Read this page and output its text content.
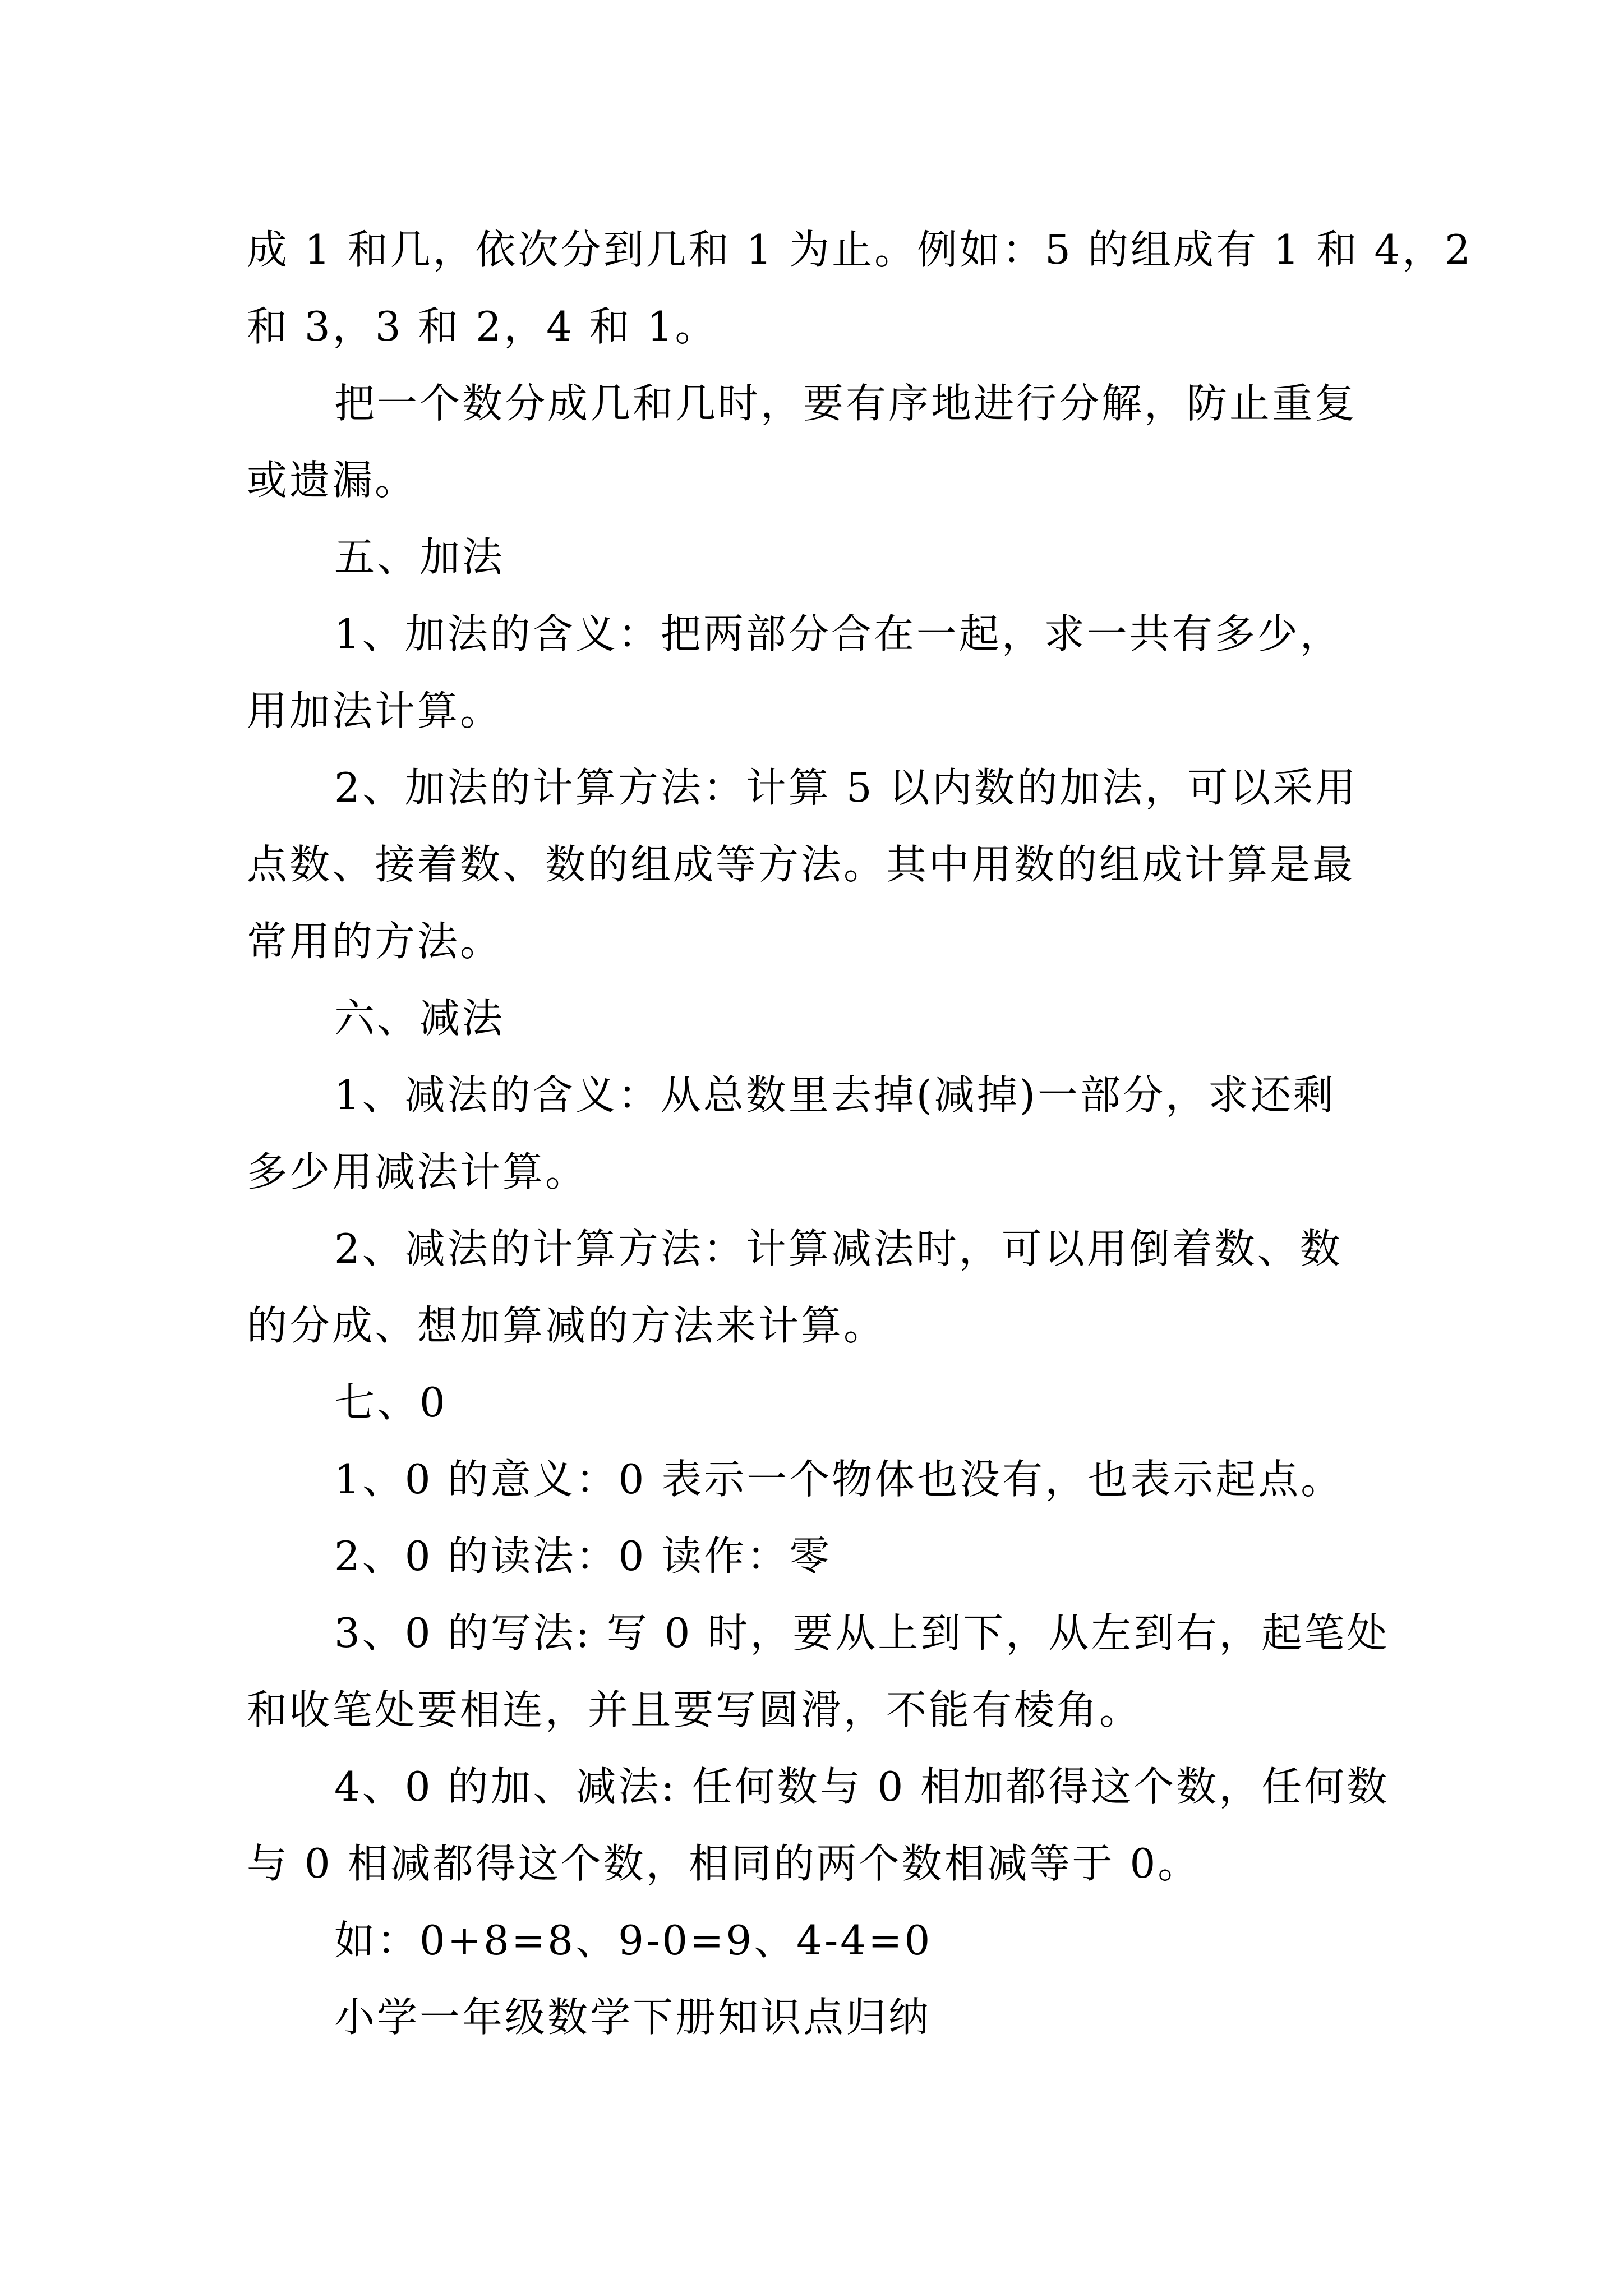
成 1 和几，依次分到几和 1 为止。例如：5 的组成有 1 和 4，2
和 3，3 和 2，4 和 1。
把一个数分成几和几时，要有序地进行分解，防止重复
或遗漏。
五、加法
1、加法的含义：把两部分合在一起，求一共有多少，
用加法计算。
2、加法的计算方法：计算 5 以内数的加法，可以采用
点数、接着数、数的组成等方法。其中用数的组成计算是最
常用的方法。
六、减法
1、减法的含义：从总数里去掉(减掉)一部分，求还剩
多少用减法计算。
2、减法的计算方法：计算减法时，可以用倒着数、数
的分成、想加算减的方法来计算。
七、0
1、0 的意义：0 表示一个物体也没有，也表示起点。
2、0 的读法：0 读作：零
3、0 的写法: 写 0 时，要从上到下，从左到右，起笔处
和收笔处要相连，并且要写圆滑，不能有棱角。
4、0 的加、减法: 任何数与 0 相加都得这个数，任何数
与 0 相减都得这个数，相同的两个数相减等于 0。
如：0+8=8、9-0=9、4-4=0
小学一年级数学下册知识点归纳
